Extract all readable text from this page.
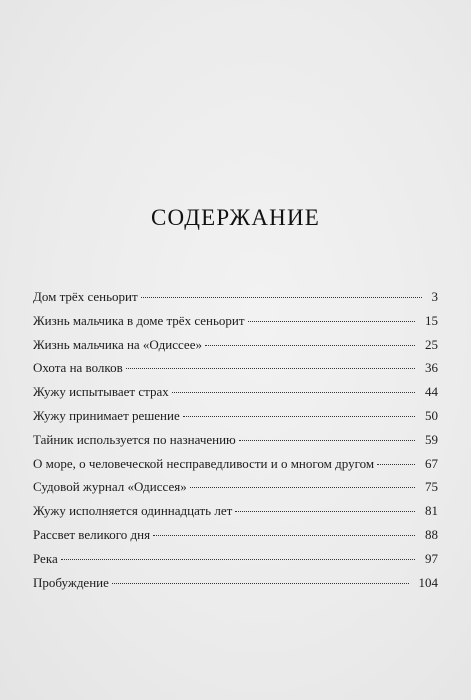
СОДЕРЖАНИЕ
Дом трёх сеньорит	3
Жизнь мальчика в доме трёх сеньорит	15
Жизнь мальчика на «Одиссее»	25
Охота на волков	36
Жужу испытывает страх	44
Жужу принимает решение	50
Тайник используется по назначению	59
О море, о человеческой несправедливости и о многом другом	67
Судовой журнал «Одиссея»	75
Жужу исполняется одиннадцать лет	81
Рассвет великого дня	88
Река	97
Пробуждение	104
